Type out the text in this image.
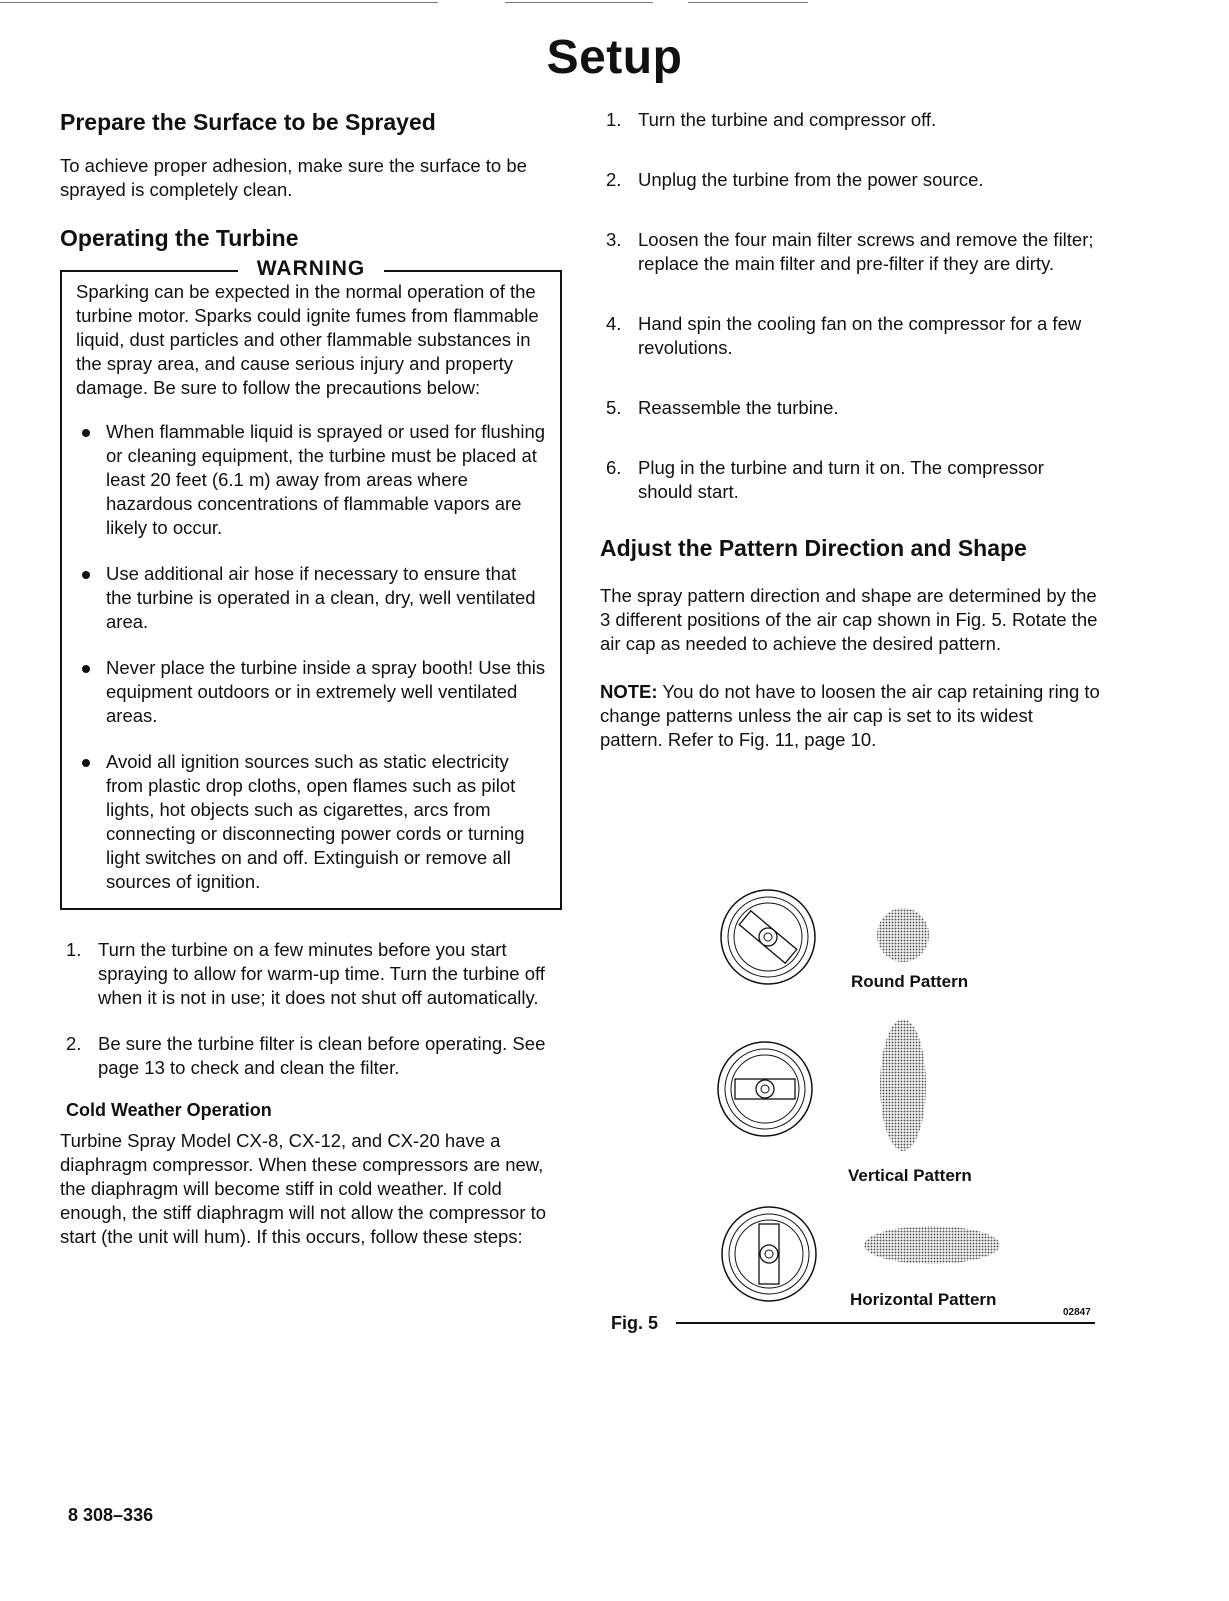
Setup
Prepare the Surface to be Sprayed

To achieve proper adhesion, make sure the surface to be sprayed is completely clean.

Operating the Turbine
WARNING

Sparking can be expected in the normal operation of the turbine motor. Sparks could ignite fumes from flammable liquid, dust particles and other flammable substances in the spray area, and cause serious injury and property damage. Be sure to follow the precautions below:

When flammable liquid is sprayed or used for flushing or cleaning equipment, the turbine must be placed at least 20 feet (6.1 m) away from areas where hazardous concentrations of flammable vapors are likely to occur.
Use additional air hose if necessary to ensure that the turbine is operated in a clean, dry, well ventilated area.
Never place the turbine inside a spray booth! Use this equipment outdoors or in extremely well ventilated areas.
Avoid all ignition sources such as static electricity from plastic drop cloths, open flames such as pilot lights, hot objects such as cigarettes, arcs from connecting or disconnecting power cords or turning light switches on and off. Extinguish or remove all sources of ignition.
1. Turn the turbine on a few minutes before you start spraying to allow for warm-up time. Turn the turbine off when it is not in use; it does not shut off automatically.
2. Be sure the turbine filter is clean before operating. See page 13 to check and clean the filter.
Cold Weather Operation

Turbine Spray Model CX-8, CX-12, and CX-20 have a diaphragm compressor. When these compressors are new, the diaphragm will become stiff in cold weather. If cold enough, the stiff diaphragm will not allow the compressor to start (the unit will hum). If this occurs, follow these steps:

1. Turn the turbine and compressor off.
2. Unplug the turbine from the power source.
3. Loosen the four main filter screws and remove the filter; replace the main filter and pre-filter if they are dirty.
4. Hand spin the cooling fan on the compressor for a few revolutions.
5. Reassemble the turbine.
6. Plug in the turbine and turn it on. The compressor should start.
Adjust the Pattern Direction and Shape

The spray pattern direction and shape are determined by the 3 different positions of the air cap shown in Fig. 5. Rotate the air cap as needed to achieve the desired pattern.

NOTE: You do not have to loosen the air cap retaining ring to change patterns unless the air cap is set to its widest pattern. Refer to Fig. 11, page 10.

Round Pattern
Vertical Pattern
Horizontal Pattern
Fig. 5
02847
8 308–336
